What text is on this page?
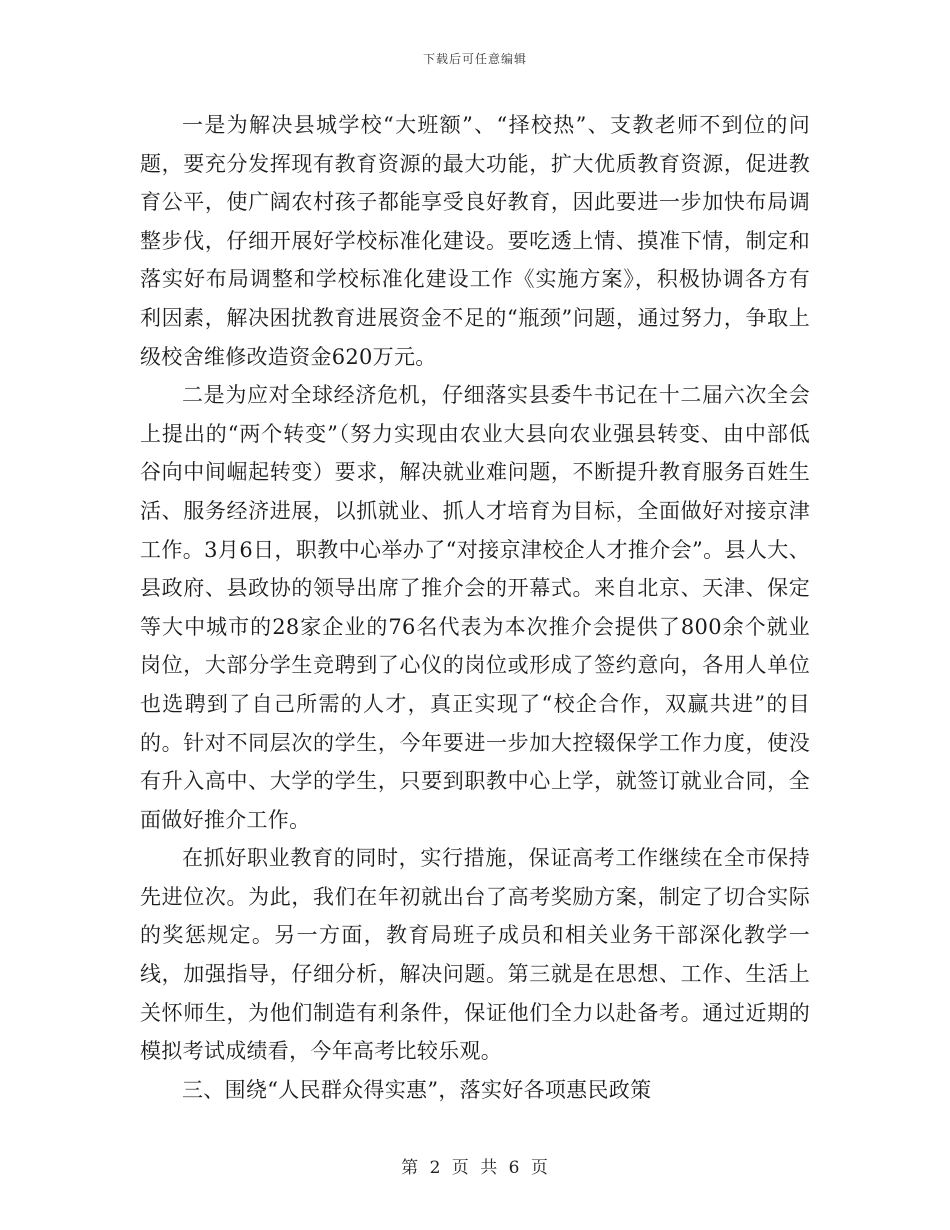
下载后可任意编辑

一是为解决县城学校“大班额”、“择校热”、支教老师不到位的问题，要充分发挥现有教育资源的最大功能，扩大优质教育资源，促进教育公平，使广阔农村孩子都能享受良好教育，因此要进一步加快布局调整步伐，仔细开展好学校标准化建设。要吃透上情、摸准下情，制定和落实好布局调整和学校标准化建设工作《实施方案》，积极协调各方有利因素，解决困扰教育进展资金不足的“瓶颈”问题，通过努力，争取上级校舍维修改造资金620万元。

二是为应对全球经济危机，仔细落实县委牛书记在十二届六次全会上提出的“两个转变”（努力实现由农业大县向农业强县转变、由中部低谷向中间崛起转变）要求，解决就业难问题，不断提升教育服务百姓生活、服务经济进展，以抓就业、抓人才培育为目标，全面做好对接京津工作。3月6日，职教中心举办了“对接京津校企人才推介会”。县人大、县政府、县政协的领导出席了推介会的开幕式。来自北京、天津、保定等大中城市的28家企业的76名代表为本次推介会提供了800余个就业岗位，大部分学生竞聘到了心仪的岗位或形成了签约意向，各用人单位也选聘到了自己所需的人才，真正实现了“校企合作，双赢共进”的目的。针对不同层次的学生，今年要进一步加大控辍保学工作力度，使没有升入高中、大学的学生，只要到职教中心上学，就签订就业合同，全面做好推介工作。

在抓好职业教育的同时，实行措施，保证高考工作继续在全市保持先进位次。为此，我们在年初就出台了高考奖励方案，制定了切合实际的奖惩规定。另一方面，教育局班子成员和相关业务干部深化教学一线，加强指导，仔细分析，解决问题。第三就是在思想、工作、生活上关怀师生，为他们制造有利条件，保证他们全力以赴备考。通过近期的模拟考试成绩看，今年高考比较乐观。

三、围绕“人民群众得实惠”，落实好各项惠民政策

第 2 页 共 6 页
